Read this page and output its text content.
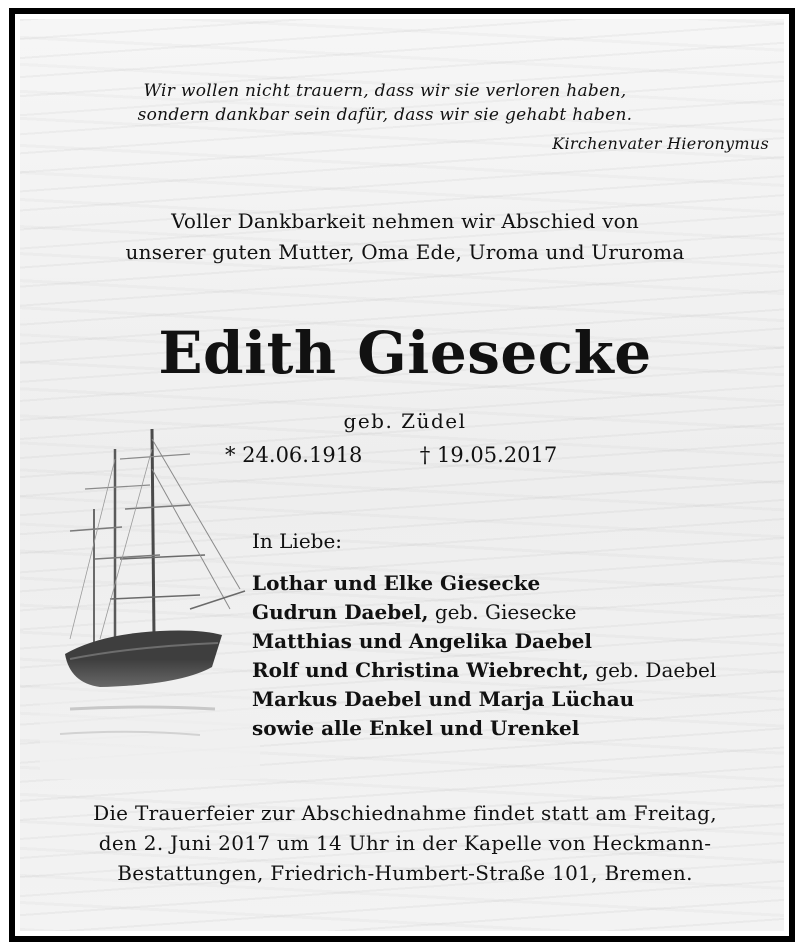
Wir wollen nicht trauern, dass wir sie verloren haben,
sondern dankbar sein dafür, dass wir sie gehabt haben.
Kirchenvater Hieronymus
Voller Dankbarkeit nehmen wir Abschied von
unserer guten Mutter, Oma Ede, Uroma und Ururoma
Edith Giesecke
geb. Züdel
* 24.06.1918	† 19.05.2017
In Liebe:
Lothar und Elke Giesecke
Gudrun Daebel, geb. Giesecke
Matthias und Angelika Daebel
Rolf und Christina Wiebrecht, geb. Daebel
Markus Daebel und Marja Lüchau
sowie alle Enkel und Urenkel
Die Trauerfeier zur Abschiednahme findet statt am Freitag,
den 2. Juni 2017 um 14 Uhr in der Kapelle von Heckmann-
Bestattungen, Friedrich-Humbert-Straße 101, Bremen.
